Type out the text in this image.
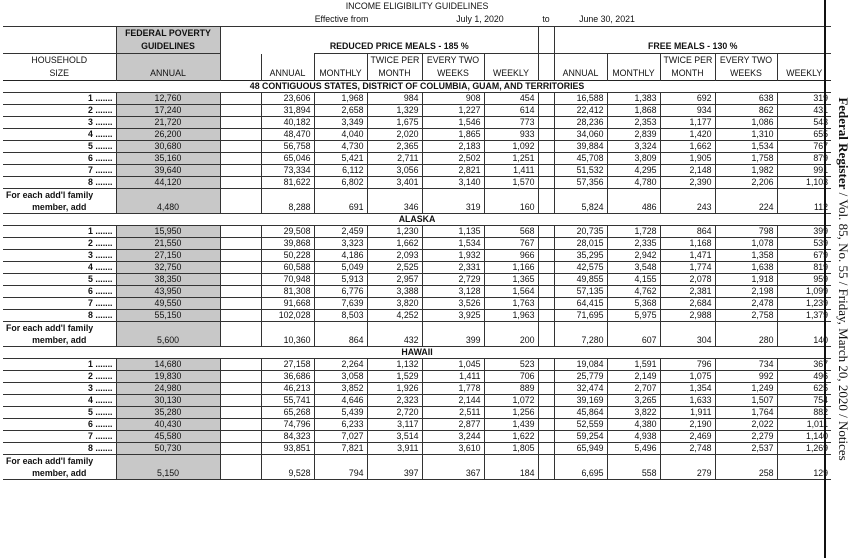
INCOME ELIGIBILITY GUIDELINES													
			Effective from			July 1, 2020		to	June 30, 2021				
	FEDERAL POVERTY												
	GUIDELINES		REDUCED PRICE MEALS - 185 %						FREE MEALS - 130 %				
HOUSEHOLD					TWICE PER	EVERY TWO					TWICE PER	EVERY TWO	
SIZE	ANNUAL		ANNUAL	MONTHLY	MONTH	WEEKS	WEEKLY		ANNUAL	MONTHLY	MONTH	WEEKS	WEEKLY
48 CONTIGUOUS STATES, DISTRICT OF COLUMBIA, GUAM, AND TERRITORIES													
1 .......	12,760		23,606	1,968	984	908	454		16,588	1,383	692	638	319
2 .......	17,240		31,894	2,658	1,329	1,227	614		22,412	1,868	934	862	431
3 .......	21,720		40,182	3,349	1,675	1,546	773		28,236	2,353	1,177	1,086	543
4 .......	26,200		48,470	4,040	2,020	1,865	933		34,060	2,839	1,420	1,310	655
5 .......	30,680		56,758	4,730	2,365	2,183	1,092		39,884	3,324	1,662	1,534	767
6 .......	35,160		65,046	5,421	2,711	2,502	1,251		45,708	3,809	1,905	1,758	879
7 .......	39,640		73,334	6,112	3,056	2,821	1,411		51,532	4,295	2,148	1,982	991
8 .......	44,120		81,622	6,802	3,401	3,140	1,570		57,356	4,780	2,390	2,206	1,103
For each add'l family													
member, add	4,480		8,288	691	346	319	160		5,824	486	243	224	112
ALASKA													
1 .......	15,950		29,508	2,459	1,230	1,135	568		20,735	1,728	864	798	399
2 .......	21,550		39,868	3,323	1,662	1,534	767		28,015	2,335	1,168	1,078	539
3 .......	27,150		50,228	4,186	2,093	1,932	966		35,295	2,942	1,471	1,358	679
4 .......	32,750		60,588	5,049	2,525	2,331	1,166		42,575	3,548	1,774	1,638	819
5 .......	38,350		70,948	5,913	2,957	2,729	1,365		49,855	4,155	2,078	1,918	959
6 .......	43,950		81,308	6,776	3,388	3,128	1,564		57,135	4,762	2,381	2,198	1,099
7 .......	49,550		91,668	7,639	3,820	3,526	1,763		64,415	5,368	2,684	2,478	1,239
8 .......	55,150		102,028	8,503	4,252	3,925	1,963		71,695	5,975	2,988	2,758	1,379
For each add'l family													
member, add	5,600		10,360	864	432	399	200		7,280	607	304	280	140
HAWAII													
1 .......	14,680		27,158	2,264	1,132	1,045	523		19,084	1,591	796	734	367
2 .......	19,830		36,686	3,058	1,529	1,411	706		25,779	2,149	1,075	992	496
3 .......	24,980		46,213	3,852	1,926	1,778	889		32,474	2,707	1,354	1,249	625
4 .......	30,130		55,741	4,646	2,323	2,144	1,072		39,169	3,265	1,633	1,507	754
5 .......	35,280		65,268	5,439	2,720	2,511	1,256		45,864	3,822	1,911	1,764	882
6 .......	40,430		74,796	6,233	3,117	2,877	1,439		52,559	4,380	2,190	2,022	1,011
7 .......	45,580		84,323	7,027	3,514	3,244	1,622		59,254	4,938	2,469	2,279	1,140
8 .......	50,730		93,851	7,821	3,911	3,610	1,805		65,949	5,496	2,748	2,537	1,269
For each add'l family													
member, add	5,150		9,528	794	397	367	184		6,695	558	279	258	129
Federal Register / Vol. 85, No. 55 / Friday, March 20, 2020 / Notices
